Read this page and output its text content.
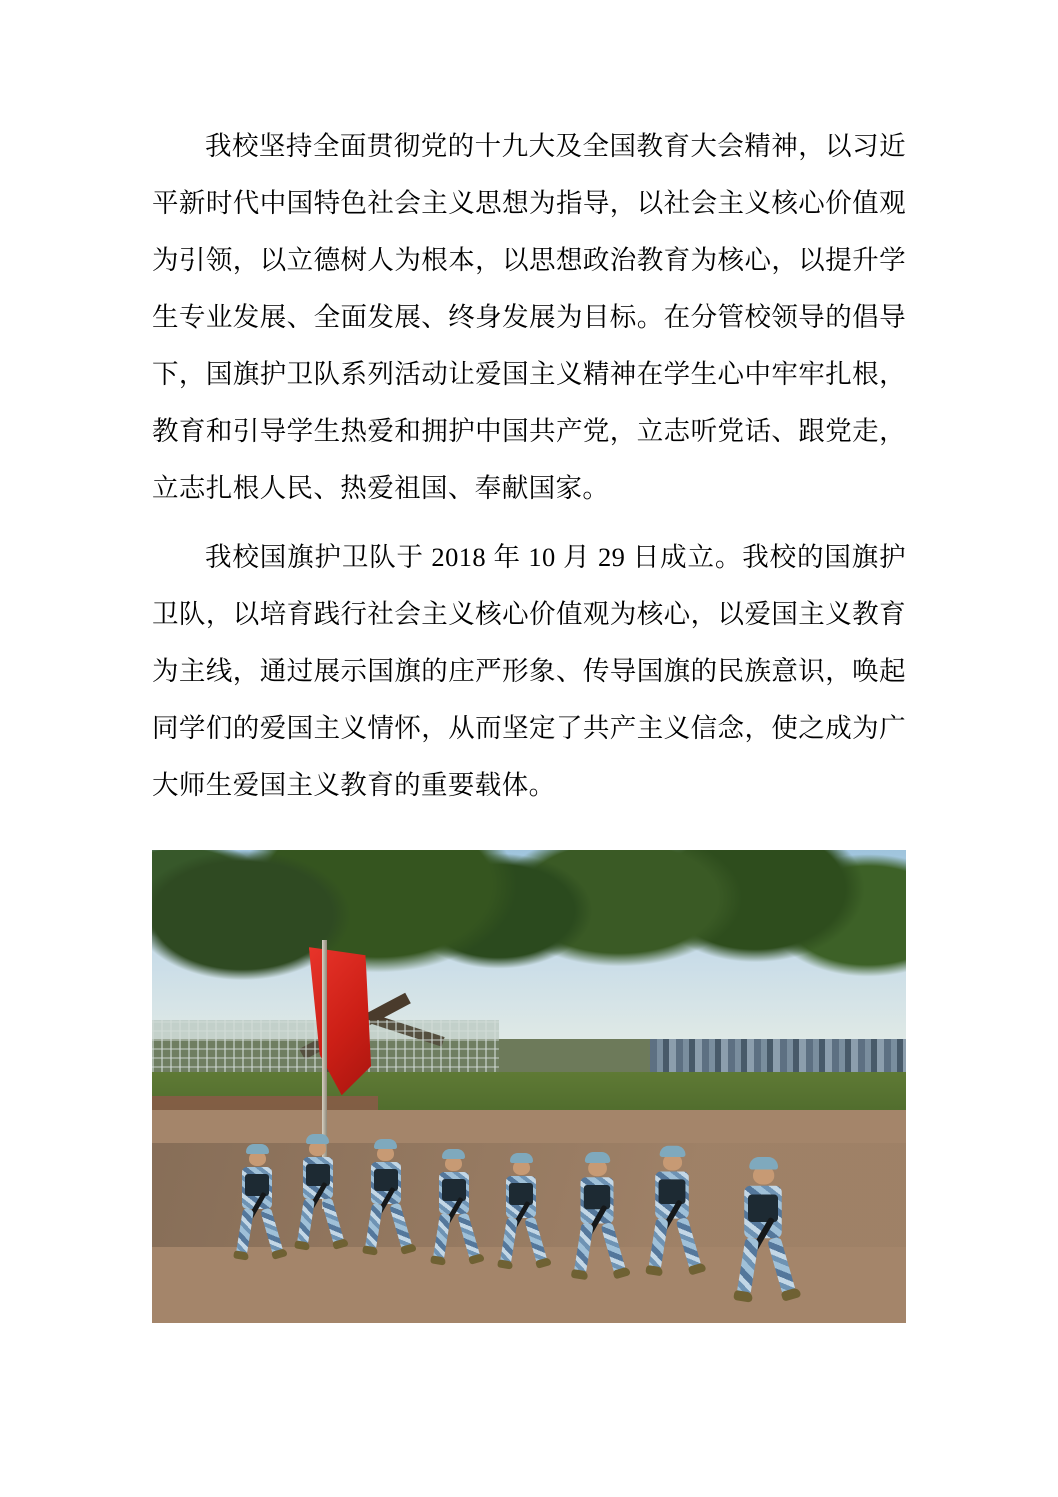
我校坚持全面贯彻党的十九大及全国教育大会精神，以习近平新时代中国特色社会主义思想为指导，以社会主义核心价值观为引领，以立德树人为根本，以思想政治教育为核心，以提升学生专业发展、全面发展、终身发展为目标。在分管校领导的倡导下，国旗护卫队系列活动让爱国主义精神在学生心中牢牢扎根，教育和引导学生热爱和拥护中国共产党，立志听党话、跟党走，立志扎根人民、热爱祖国、奉献国家。

我校国旗护卫队于 2018 年 10 月 29 日成立。我校的国旗护卫队，以培育践行社会主义核心价值观为核心，以爱国主义教育为主线，通过展示国旗的庄严形象、传导国旗的民族意识，唤起同学们的爱国主义情怀，从而坚定了共产主义信念，使之成为广大师生爱国主义教育的重要载体。
